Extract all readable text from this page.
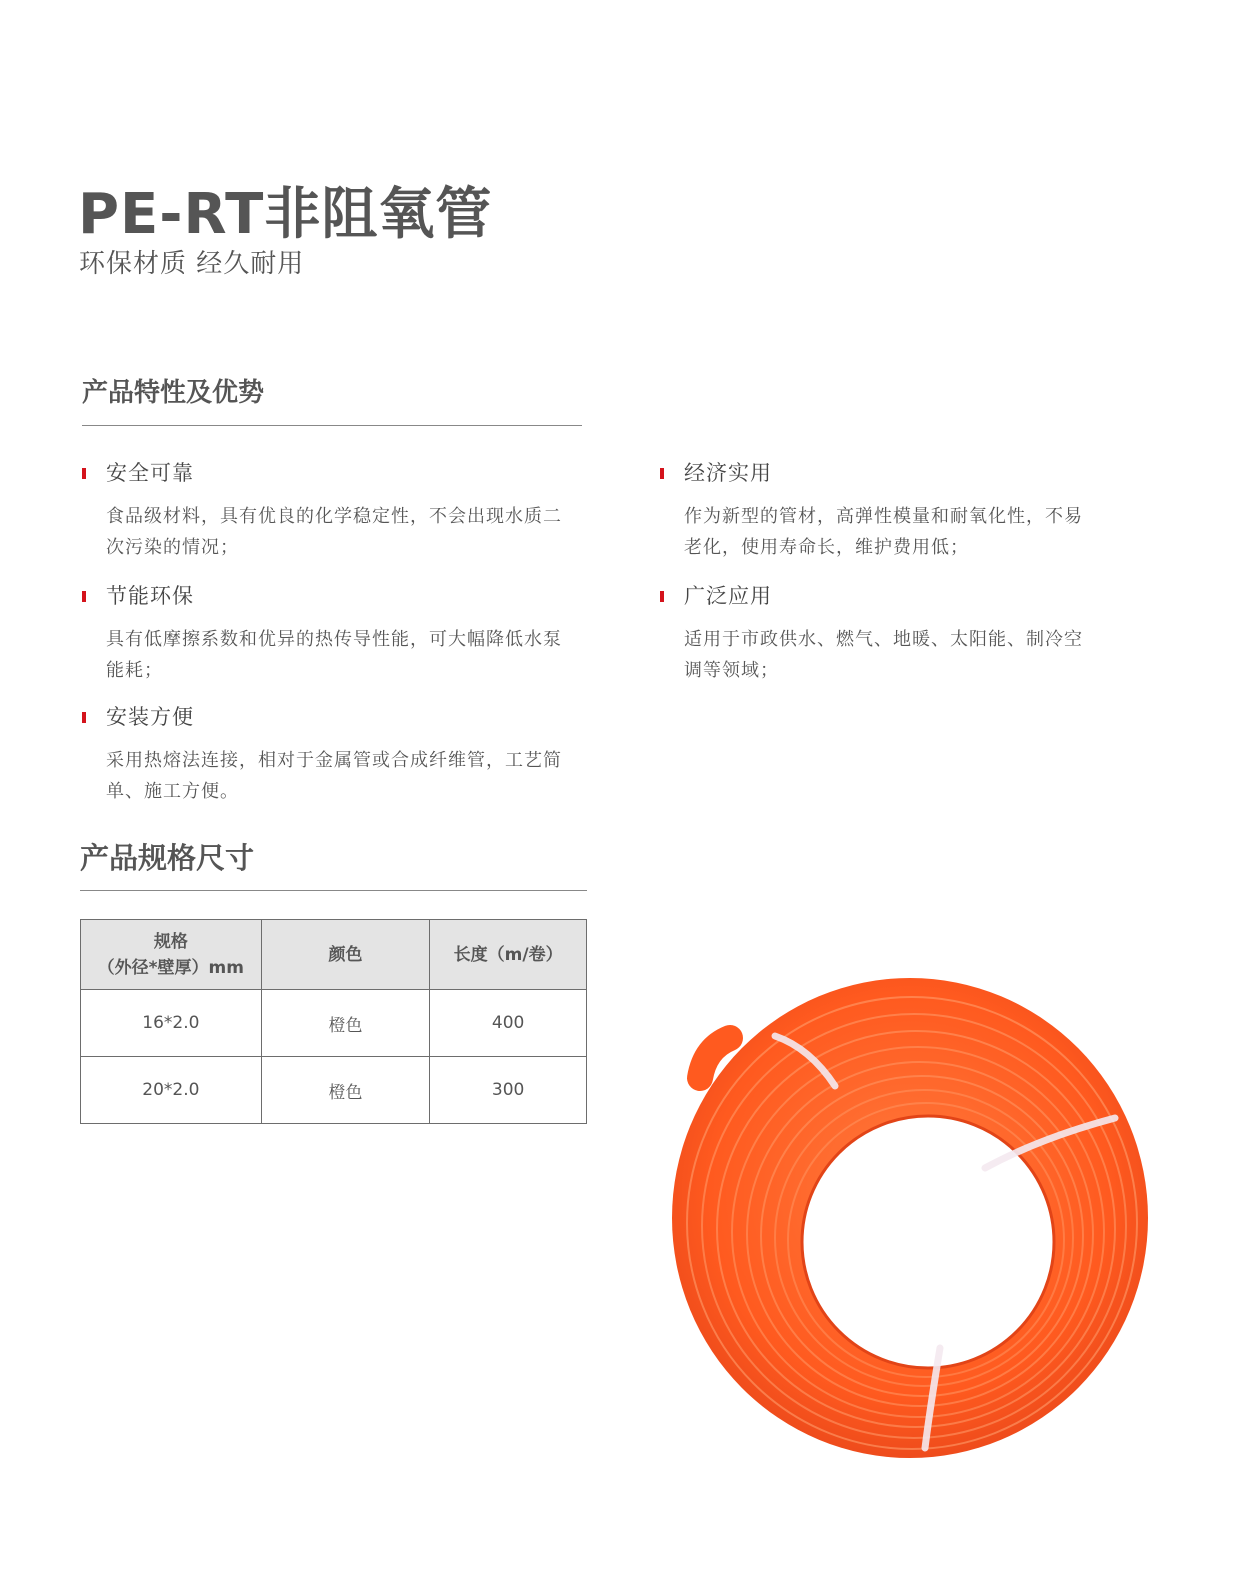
PE-RT非阻氧管
环保材质 经久耐用
产品特性及优势
安全可靠
食品级材料，具有优良的化学稳定性，不会出现水质二次污染的情况；
节能环保
具有低摩擦系数和优异的热传导性能，可大幅降低水泵能耗；
安装方便
采用热熔法连接，相对于金属管或合成纤维管，工艺简单、施工方便。
经济实用
作为新型的管材，高弹性模量和耐氧化性，不易老化，使用寿命长，维护费用低；
广泛应用
适用于市政供水、燃气、地暖、太阳能、制冷空调等领域；
产品规格尺寸
规格
（外径*壁厚）mm	颜色	长度（m/卷）
16*2.0	橙色	400
20*2.0	橙色	300
